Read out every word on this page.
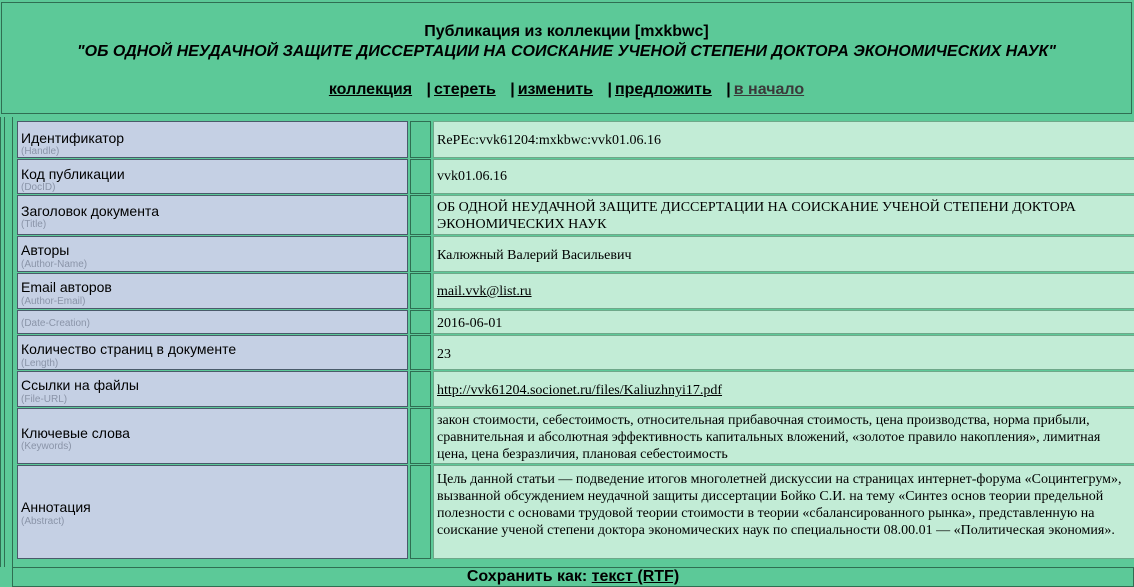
Публикация из коллекции [mxkbwc]
"ОБ ОДНОЙ НЕУДАЧНОЙ ЗАЩИТЕ ДИССЕРТАЦИИ НА СОИСКАНИЕ УЧЕНОЙ СТЕПЕНИ ДОКТОРА ЭКОНОМИЧЕСКИХ НАУК"
коллекция | стереть | изменить | предложить | в начало
Идентификатор
(Handle)
RePEc:vvk61204:mxkbwc:vvk01.06.16
Код публикации
(DocID)
vvk01.06.16
Заголовок документа
(Title)
ОБ ОДНОЙ НЕУДАЧНОЙ ЗАЩИТЕ ДИССЕРТАЦИИ НА СОИСКАНИЕ УЧЕНОЙ СТЕПЕНИ ДОКТОРА ЭКОНОМИЧЕСКИХ НАУК
Авторы
(Author-Name)
Калюжный Валерий Васильевич
Email авторов
(Author-Email)
mail.vvk@list.ru
(Date-Creation)	2016-06-01
Количество страниц в документе
(Length)
23
Ссылки на файлы
(File-URL)
http://vvk61204.socionet.ru/files/Kaliuzhnyi17.pdf
Ключевые слова
(Keywords)
закон стоимости, себестоимость, относительная прибавочная стоимость, цена производства, норма прибыли, сравнительная и абсолютная эффективность капитальных вложений, «золотое правило накопления», лимитная цена, цена безразличия, плановая себестоимость
Аннотация
(Abstract)
Цель данной статьи — подведение итогов многолетней дискуссии на страницах интернет-форума «Социнтегрум», вызванной обсуждением неудачной защиты диссертации Бойко С.И. на тему «Синтез основ теории предельной полезности с основами трудовой теории стоимости в теории «сбалансированного рынка», представленную на соискание ученой степени доктора экономических наук по специальности 08.00.01 — «Политическая экономия».
Сохранить как: текст (RTF)
